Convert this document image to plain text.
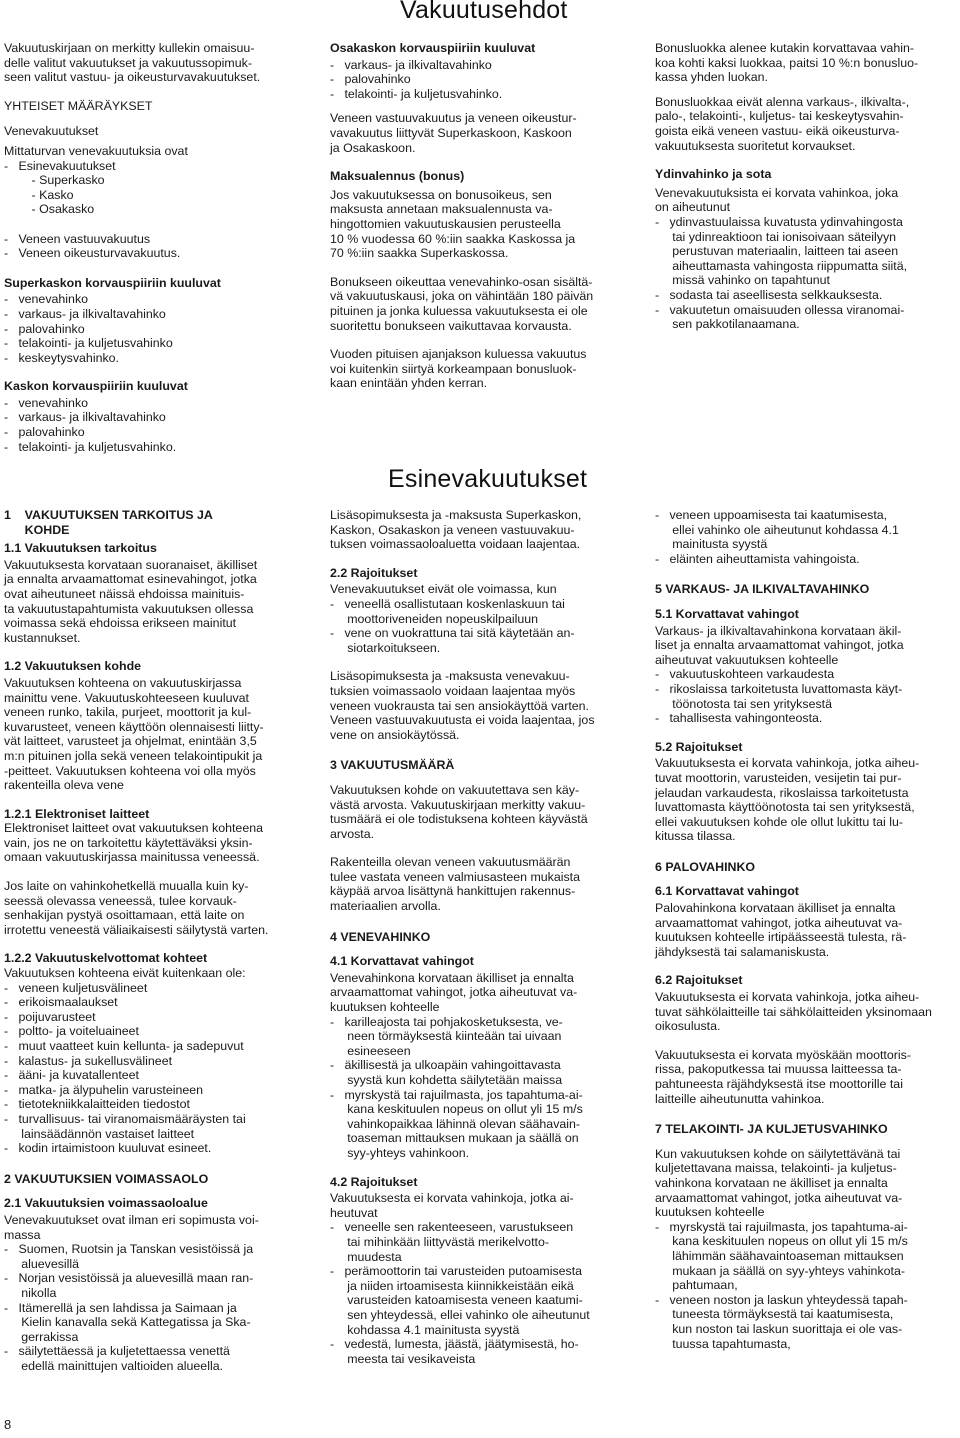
Vakuutusehdot
Esinevakuutukset
Vakuutuskirjaan on merkitty kullekin omaisuu-
delle valitut vakuutukset ja vakuutussopimuk-
seen valitut vastuu- ja oikeusturvavakuutukset.
YHTEISET MÄÄRÄYKSET
Venevakuutukset
Mittaturvan venevakuutuksia ovat
-   Esinevakuutukset
- Superkasko
- Kasko
- Osakasko

-   Veneen vastuuvakuutus
-   Veneen oikeusturvavakuutus.
Superkaskon korvauspiiriin kuuluvat
-   venevahinko
-   varkaus- ja ilkivaltavahinko
-   palovahinko
-   telakointi- ja kuljetusvahinko
-   keskeytysvahinko.
Kaskon korvauspiiriin kuuluvat
-   venevahinko
-   varkaus- ja ilkivaltavahinko
-   palovahinko
-   telakointi- ja kuljetusvahinko.
Osakaskon korvauspiiriin kuuluvat
-   varkaus- ja ilkivaltavahinko
-   palovahinko
-   telakointi- ja kuljetusvahinko.
Veneen vastuuvakuutus ja veneen oikeustur-
vavakuutus liittyvät Superkaskoon, Kaskoon
ja Osakaskoon.
Maksualennus (bonus)
Jos vakuutuksessa on bonusoikeus, sen
maksusta annetaan maksualennusta va-
hingottomien vakuutuskausien perusteella
10 % vuodessa 60 %:iin saakka Kaskossa ja
70 %:iin saakka Superkaskossa.
Bonukseen oikeuttaa venevahinko-osan sisältä-
vä vakuutuskausi, joka on vähintään 180 päivän
pituinen ja jonka kuluessa vakuutuksesta ei ole
suoritettu bonukseen vaikuttavaa korvausta.
Vuoden pituisen ajanjakson kuluessa vakuutus
voi kuitenkin siirtyä korkeampaan bonusluok-
kaan enintään yhden kerran.
Bonusluokka alenee kutakin korvattavaa vahin-
koa kohti kaksi luokkaa, paitsi 10 %:n bonusluo-
kassa yhden luokan.
Bonusluokkaa eivät alenna varkaus-, ilkivalta-,
palo-, telakointi-, kuljetus- tai keskeytysvahin-
goista eikä veneen vastuu- eikä oikeusturva-
vakuutuksesta suoritetut korvaukset.
Ydinvahinko ja sota
Venevakuutuksista ei korvata vahinkoa, joka
on aiheutunut
-   ydinvastuulaissa kuvatusta ydinvahingosta
tai ydinreaktioon tai ionisoivaan säteilyyn
perustuvan materiaalin, laitteen tai aseen
aiheuttamasta vahingosta riippumatta siitä,
missä vahinko on tapahtunut
-   sodasta tai aseellisesta selkkauksesta.
-   vakuutetun omaisuuden ollessa viranomai-
sen pakkotilanaamana.
1    VAKUUTUKSEN TARKOITUS JA
KOHDE
1.1 Vakuutuksen tarkoitus
Vakuutuksesta korvataan suoranaiset, äkilliset
ja ennalta arvaamattomat esinevahingot, jotka
ovat aiheutuneet näissä ehdoissa mainituis-
ta vakuutustapahtumista vakuutuksen ollessa
voimassa sekä ehdoissa erikseen mainitut
kustannukset.
1.2 Vakuutuksen kohde
Vakuutuksen kohteena on vakuutuskirjassa
mainittu vene. Vakuutuskohteeseen kuuluvat
veneen runko, takila, purjeet, moottorit ja kul-
kuvarusteet, veneen käyttöön olennaisesti liitty-
vät laitteet, varusteet ja ohjelmat, enintään 3,5
m:n pituinen jolla sekä veneen telakointipukit ja
-peitteet. Vakuutuksen kohteena voi olla myös
rakenteilla oleva vene
1.2.1 Elektroniset laitteet
Elektroniset laitteet ovat vakuutuksen kohteena
vain, jos ne on tarkoitettu käytettäväksi yksin-
omaan vakuutuskirjassa mainitussa veneessä.
Jos laite on vahinkohetkellä muualla kuin ky-
seessä olevassa veneessä, tulee korvauk-
senhakijan pystyä osoittamaan, että laite on
irrotettu veneestä väliaikaisesti säilytystä varten.
1.2.2 Vakuutuskelvottomat kohteet
Vakuutuksen kohteena eivät kuitenkaan ole:
-   veneen kuljetusvälineet
-   erikoismaalaukset
-   poijuvarusteet
-   poltto- ja voiteluaineet
-   muut vaatteet kuin kellunta- ja sadepuvut
-   kalastus- ja sukellusvälineet
-   ääni- ja kuvatallenteet
-   matka- ja älypuhelin varusteineen
-   tietotekniikkalaitteiden tiedostot
-   turvallisuus- tai viranomaismääräysten tai
lainsäädännön vastaiset laitteet
-   kodin irtaimistoon kuuluvat esineet.
2 VAKUUTUKSIEN VOIMASSAOLO
2.1 Vakuutuksien voimassaoloalue
Venevakuutukset ovat ilman eri sopimusta voi-
massa
-   Suomen, Ruotsin ja Tanskan vesistöissä ja
aluevesillä
-   Norjan vesistöissä ja aluevesillä maan ran-
nikolla
-   Itämerellä ja sen lahdissa ja Saimaan ja
Kielin kanavalla sekä Kattegatissa ja Ska-
gerrakissa
-   säilytettäessä ja kuljetettaessa venettä
edellä mainittujen valtioiden alueella.
Lisäsopimuksesta ja -maksusta Superkaskon,
Kaskon, Osakaskon ja veneen vastuuvakuu-
tuksen voimassaoloaluetta voidaan laajentaa.
2.2 Rajoitukset
Venevakuutukset eivät ole voimassa, kun
-   veneellä osallistutaan koskenlaskuun tai
moottoriveneiden nopeuskilpailuun
-   vene on vuokrattuna tai sitä käytetään an-
siotarkoitukseen.
Lisäsopimuksesta ja -maksusta venevakuu-
tuksien voimassaolo voidaan laajentaa myös
veneen vuokrausta tai sen ansiokäyttöä varten.
Veneen vastuuvakuutusta ei voida laajentaa, jos
vene on ansiokäytössä.
3 VAKUUTUSMÄÄRÄ
Vakuutuksen kohde on vakuutettava sen käy-
västä arvosta. Vakuutuskirjaan merkitty vakuu-
tusmäärä ei ole todistuksena kohteen käyvästä
arvosta.
Rakenteilla olevan veneen vakuutusmäärän
tulee vastata veneen valmiusasteen mukaista
käypää arvoa lisättynä hankittujen rakennus-
materiaalien arvolla.
4 VENEVAHINKO
4.1 Korvattavat vahingot
Venevahinkona korvataan äkilliset ja ennalta
arvaamattomat vahingot, jotka aiheutuvat va-
kuutuksen kohteelle
-   karilleajosta tai pohjakosketuksesta, ve-
neen törmäyksestä kiinteään tai uivaan
esineeseen
-   äkillisestä ja ulkoapäin vahingoittavasta
syystä kun kohdetta säilytetään maissa
-   myrskystä tai rajuilmasta, jos tapahtuma-ai-
kana keskituulen nopeus on ollut yli 15 m/s
vahinkopaikkaa lähinnä olevan säähavain-
toaseman mittauksen mukaan ja säällä on
syy-yhteys vahinkoon.
4.2 Rajoitukset
Vakuutuksesta ei korvata vahinkoja, jotka ai-
heutuvat
-   veneelle sen rakenteeseen, varustukseen
tai mihinkään liittyvästä merikelvotto-
muudesta
-   perämoottorin tai varusteiden putoamisesta
ja niiden irtoamisesta kiinnikkeistään eikä
varusteiden katoamisesta veneen kaatumi-
sen yhteydessä, ellei vahinko ole aiheutunut
kohdassa 4.1 mainitusta syystä
-   vedestä, lumesta, jäästä, jäätymisestä, ho-
meesta tai vesikaveista
-   veneen uppoamisesta tai kaatumisesta,
ellei vahinko ole aiheutunut kohdassa 4.1
mainitusta syystä
-   eläinten aiheuttamista vahingoista.
5 VARKAUS- JA ILKIVALTAVAHINKO
5.1 Korvattavat vahingot
Varkaus- ja ilkivaltavahinkona korvataan äkil-
liset ja ennalta arvaamattomat vahingot, jotka
aiheutuvat vakuutuksen kohteelle
-   vakuutuskohteen varkaudesta
-   rikoslaissa tarkoitetusta luvattomasta käyt-
töönotosta tai sen yrityksestä
-   tahallisesta vahingonteosta.
5.2 Rajoitukset
Vakuutuksesta ei korvata vahinkoja, jotka aiheu-
tuvat moottorin, varusteiden, vesijetin tai pur-
jelaudan varkaudesta, rikoslaissa tarkoitetusta
luvattomasta käyttöönotosta tai sen yrityksestä,
ellei vakuutuksen kohde ole ollut lukittu tai lu-
kitussa tilassa.
6 PALOVAHINKO
6.1 Korvattavat vahingot
Palovahinkona korvataan äkilliset ja ennalta
arvaamattomat vahingot, jotka aiheutuvat va-
kuutuksen kohteelle irtipäässeestä tulesta, rä-
jähdyksestä tai salamaniskusta.
6.2 Rajoitukset
Vakuutuksesta ei korvata vahinkoja, jotka aiheu-
tuvat sähkölaitteille tai sähkölaitteiden yksinomaan
oikosulusta.
Vakuutuksesta ei korvata myöskään moottoris-
rissa, pakoputkessa tai muussa laitteessa ta-
pahtuneesta räjähdyksestä itse moottorille tai
laitteille aiheutunutta vahinkoa.
7 TELAKOINTI- JA KULJETUSVAHINKO
Kun vakuutuksen kohde on säilytettävänä tai
kuljetettavana maissa, telakointi- ja kuljetus-
vahinkona korvataan ne äkilliset ja ennalta
arvaamattomat vahingot, jotka aiheutuvat va-
kuutuksen kohteelle
-   myrskystä tai rajuilmasta, jos tapahtuma-ai-
kana keskituulen nopeus on ollut yli 15 m/s
lähimmän säähavaintoaseman mittauksen
mukaan ja säällä on syy-yhteys vahinkota-
pahtumaan,
-   veneen noston ja laskun yhteydessä tapah-
tuneesta törmäyksestä tai kaatumisesta,
kun noston tai laskun suorittaja ei ole vas-
tuussa tapahtumasta,
8
